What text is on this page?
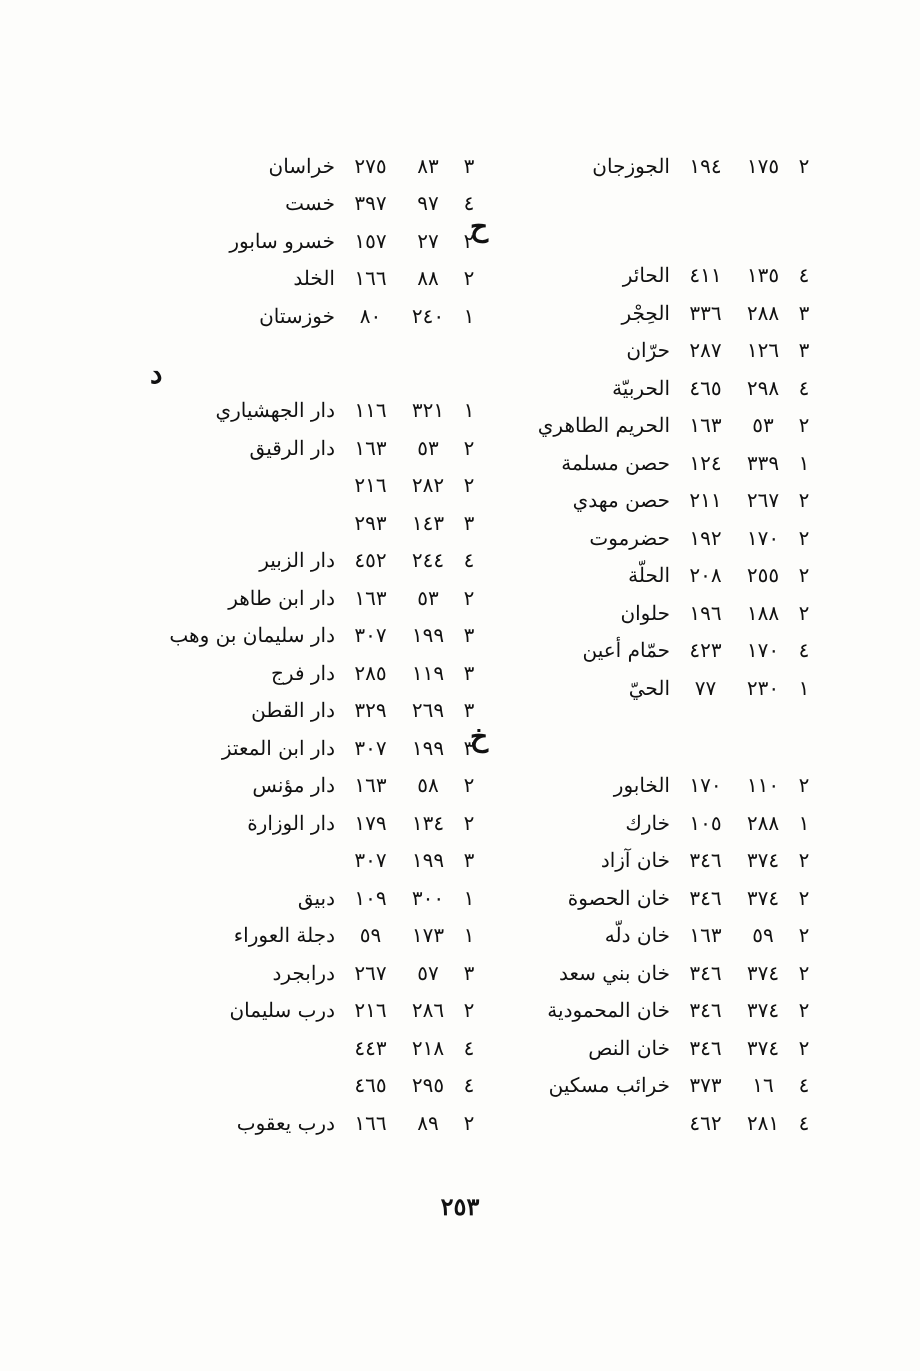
٢
١٧٥
١٩٤
الجوزجان
ح
٤
١٣٥
٤١١
الحائر
٣
٢٨٨
٣٣٦
الحِجْر
٣
١٢٦
٢٨٧
حرّان
٤
٢٩٨
٤٦٥
الحربيّة
٢
٥٣
١٦٣
الحريم الطاهري
١
٣٣٩
١٢٤
حصن مسلمة
٢
٢٦٧
٢١١
حصن مهدي
٢
١٧٠
١٩٢
حضرموت
٢
٢٥٥
٢٠٨
الحلّة
٢
١٨٨
١٩٦
حلوان
٤
١٧٠
٤٢٣
حمّام أعين
١
٢٣٠
٧٧
الحيّ
خ
٢
١١٠
١٧٠
الخابور
١
٢٨٨
١٠٥
خارك
٢
٣٧٤
٣٤٦
خان آزاد
٢
٣٧٤
٣٤٦
خان الحصوة
٢
٥٩
١٦٣
خان دلّه
٢
٣٧٤
٣٤٦
خان بني سعد
٢
٣٧٤
٣٤٦
خان المحمودية
٢
٣٧٤
٣٤٦
خان النص
٤
١٦
٣٧٣
خرائب مسكين
٤
٢٨١
٤٦٢
٣
٨٣
٢٧٥
خراسان
٤
٩٧
٣٩٧
خست
٢
٢٧
١٥٧
خسرو سابور
٢
٨٨
١٦٦
الخلد
١
٢٤٠
٨٠
خوزستان
د
١
٣٢١
١١٦
دار الجهشياري
٢
٥٣
١٦٣
دار الرقيق
٢
٢٨٢
٢١٦
٣
١٤٣
٢٩٣
٤
٢٤٤
٤٥٢
دار الزبير
٢
٥٣
١٦٣
دار ابن طاهر
٣
١٩٩
٣٠٧
دار سليمان بن وهب
٣
١١٩
٢٨٥
دار فرج
٣
٢٦٩
٣٢٩
دار القطن
٣
١٩٩
٣٠٧
دار ابن المعتز
٢
٥٨
١٦٣
دار مؤنس
٢
١٣٤
١٧٩
دار الوزارة
٣
١٩٩
٣٠٧
١
٣٠٠
١٠٩
دبيق
١
١٧٣
٥٩
دجلة العوراء
٣
٥٧
٢٦٧
درابجرد
٢
٢٨٦
٢١٦
درب سليمان
٤
٢١٨
٤٤٣
٤
٢٩٥
٤٦٥
٢
٨٩
١٦٦
درب يعقوب
٢٥٣
